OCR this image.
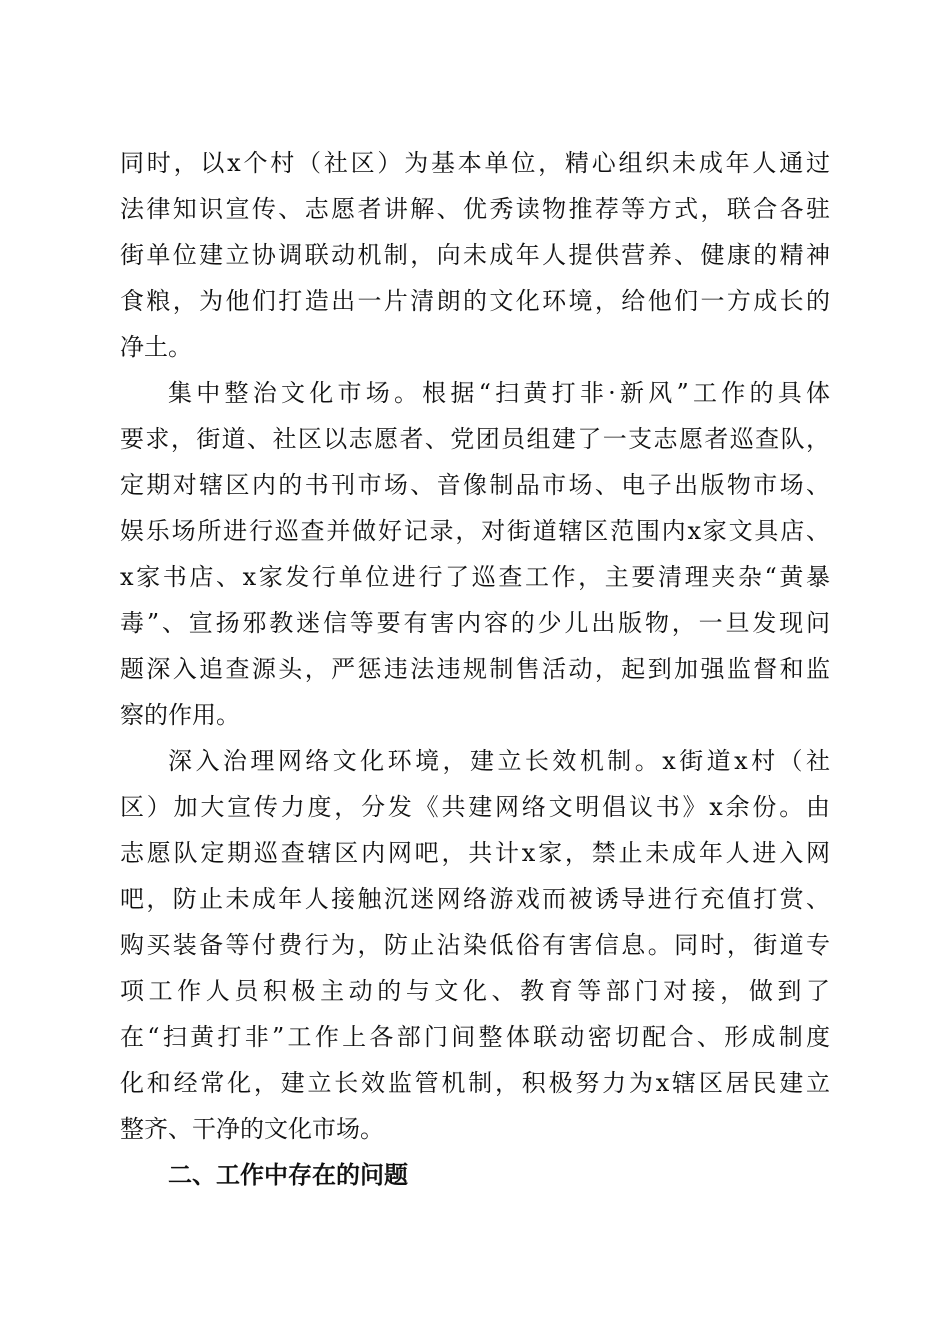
同时，以x个村（社区）为基本单位，精心组织未成年人通过
法律知识宣传、志愿者讲解、优秀读物推荐等方式，联合各驻
街单位建立协调联动机制，向未成年人提供营养、健康的精神
食粮，为他们打造出一片清朗的文化环境，给他们一方成长的
净土。
集中整治文化市场。根据“扫黄打非·新风”工作的具体
要求，街道、社区以志愿者、党团员组建了一支志愿者巡查队，
定期对辖区内的书刊市场、音像制品市场、电子出版物市场、
娱乐场所进行巡查并做好记录，对街道辖区范围内x家文具店、
x家书店、x家发行单位进行了巡查工作，主要清理夹杂“黄暴
毒”、宣扬邪教迷信等要有害内容的少儿出版物，一旦发现问
题深入追查源头，严惩违法违规制售活动，起到加强监督和监
察的作用。
深入治理网络文化环境，建立长效机制。x街道x村（社
区）加大宣传力度，分发《共建网络文明倡议书》x余份。由
志愿队定期巡查辖区内网吧，共计x家，禁止未成年人进入网
吧，防止未成年人接触沉迷网络游戏而被诱导进行充值打赏、
购买装备等付费行为，防止沾染低俗有害信息。同时，街道专
项工作人员积极主动的与文化、教育等部门对接，做到了
在“扫黄打非”工作上各部门间整体联动密切配合、形成制度
化和经常化，建立长效监管机制，积极努力为x辖区居民建立
整齐、干净的文化市场。
二、工作中存在的问题
